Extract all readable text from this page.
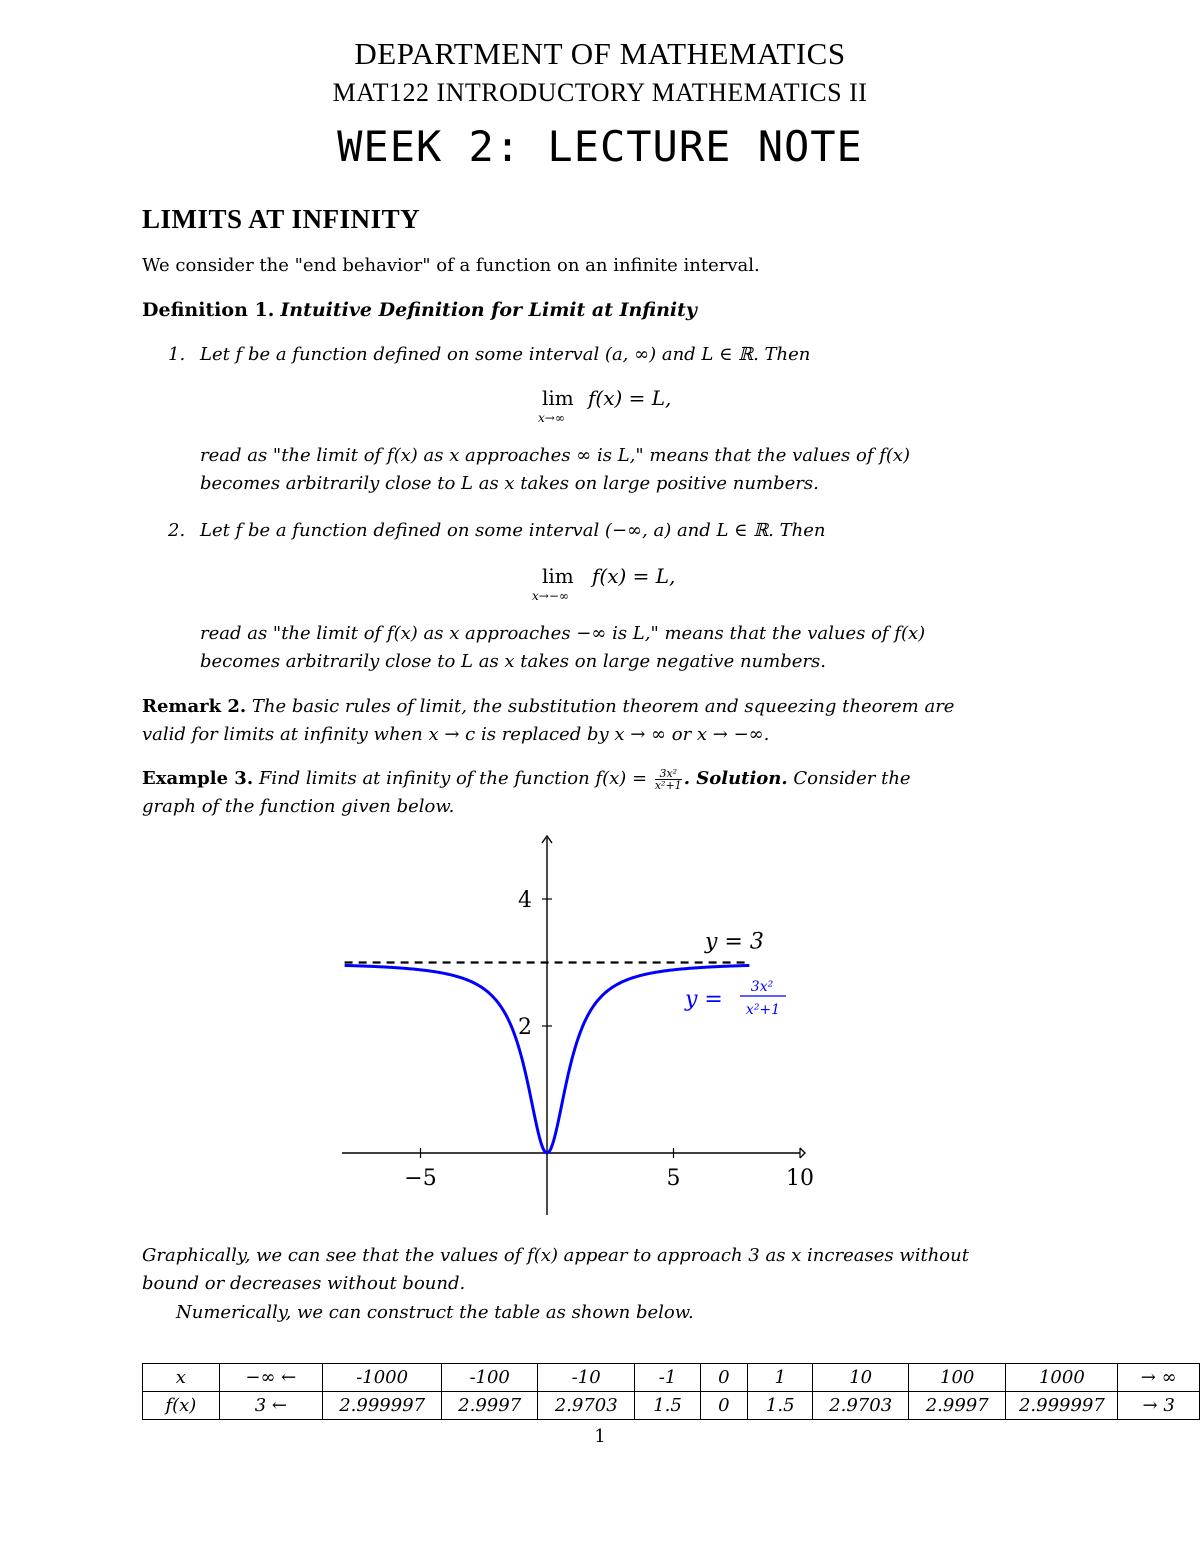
DEPARTMENT OF MATHEMATICS
MAT122 INTRODUCTORY MATHEMATICS II
WEEK 2: LECTURE NOTE
LIMITS AT INFINITY
We consider the "end behavior" of a function on an infinite interval.
Definition 1. Intuitive Definition for Limit at Infinity
1. Let f be a function defined on some interval (a, ∞) and L ∈ ℝ. Then
lim
x→∞
f(x) = L,
read as "the limit of f(x) as x approaches ∞ is L," means that the values of f(x)
becomes arbitrarily close to L as x takes on large positive numbers.
2. Let f be a function defined on some interval (−∞, a) and L ∈ ℝ. Then
lim
x→−∞
f(x) = L,
read as "the limit of f(x) as x approaches −∞ is L," means that the values of f(x)
becomes arbitrarily close to L as x takes on large negative numbers.
Remark 2. The basic rules of limit, the substitution theorem and squeezing theorem are
valid for limits at infinity when x → c is replaced by x → ∞ or x → −∞.
Example 3. Find limits at infinity of the function $f(x) = \frac{\text{3x²}}{\text{x²+1}}$ . Solution. Consider the
graph of the function given below.
−5	5	10
2
4
y = 3
y = 3x²
x²+1
Graphically, we can see that the values of f(x) appear to approach 3 as x increases without
bound or decreases without bound.
Numerically, we can construct the table as shown below.
x	−∞ ←	-1000	-100	-10	-1	0	1	10	100	1000	→ ∞
f(x)	3 ←	2.999997	2.9997	2.9703	1.5	0	1.5	2.9703	2.9997	2.999997	→ 3
1
